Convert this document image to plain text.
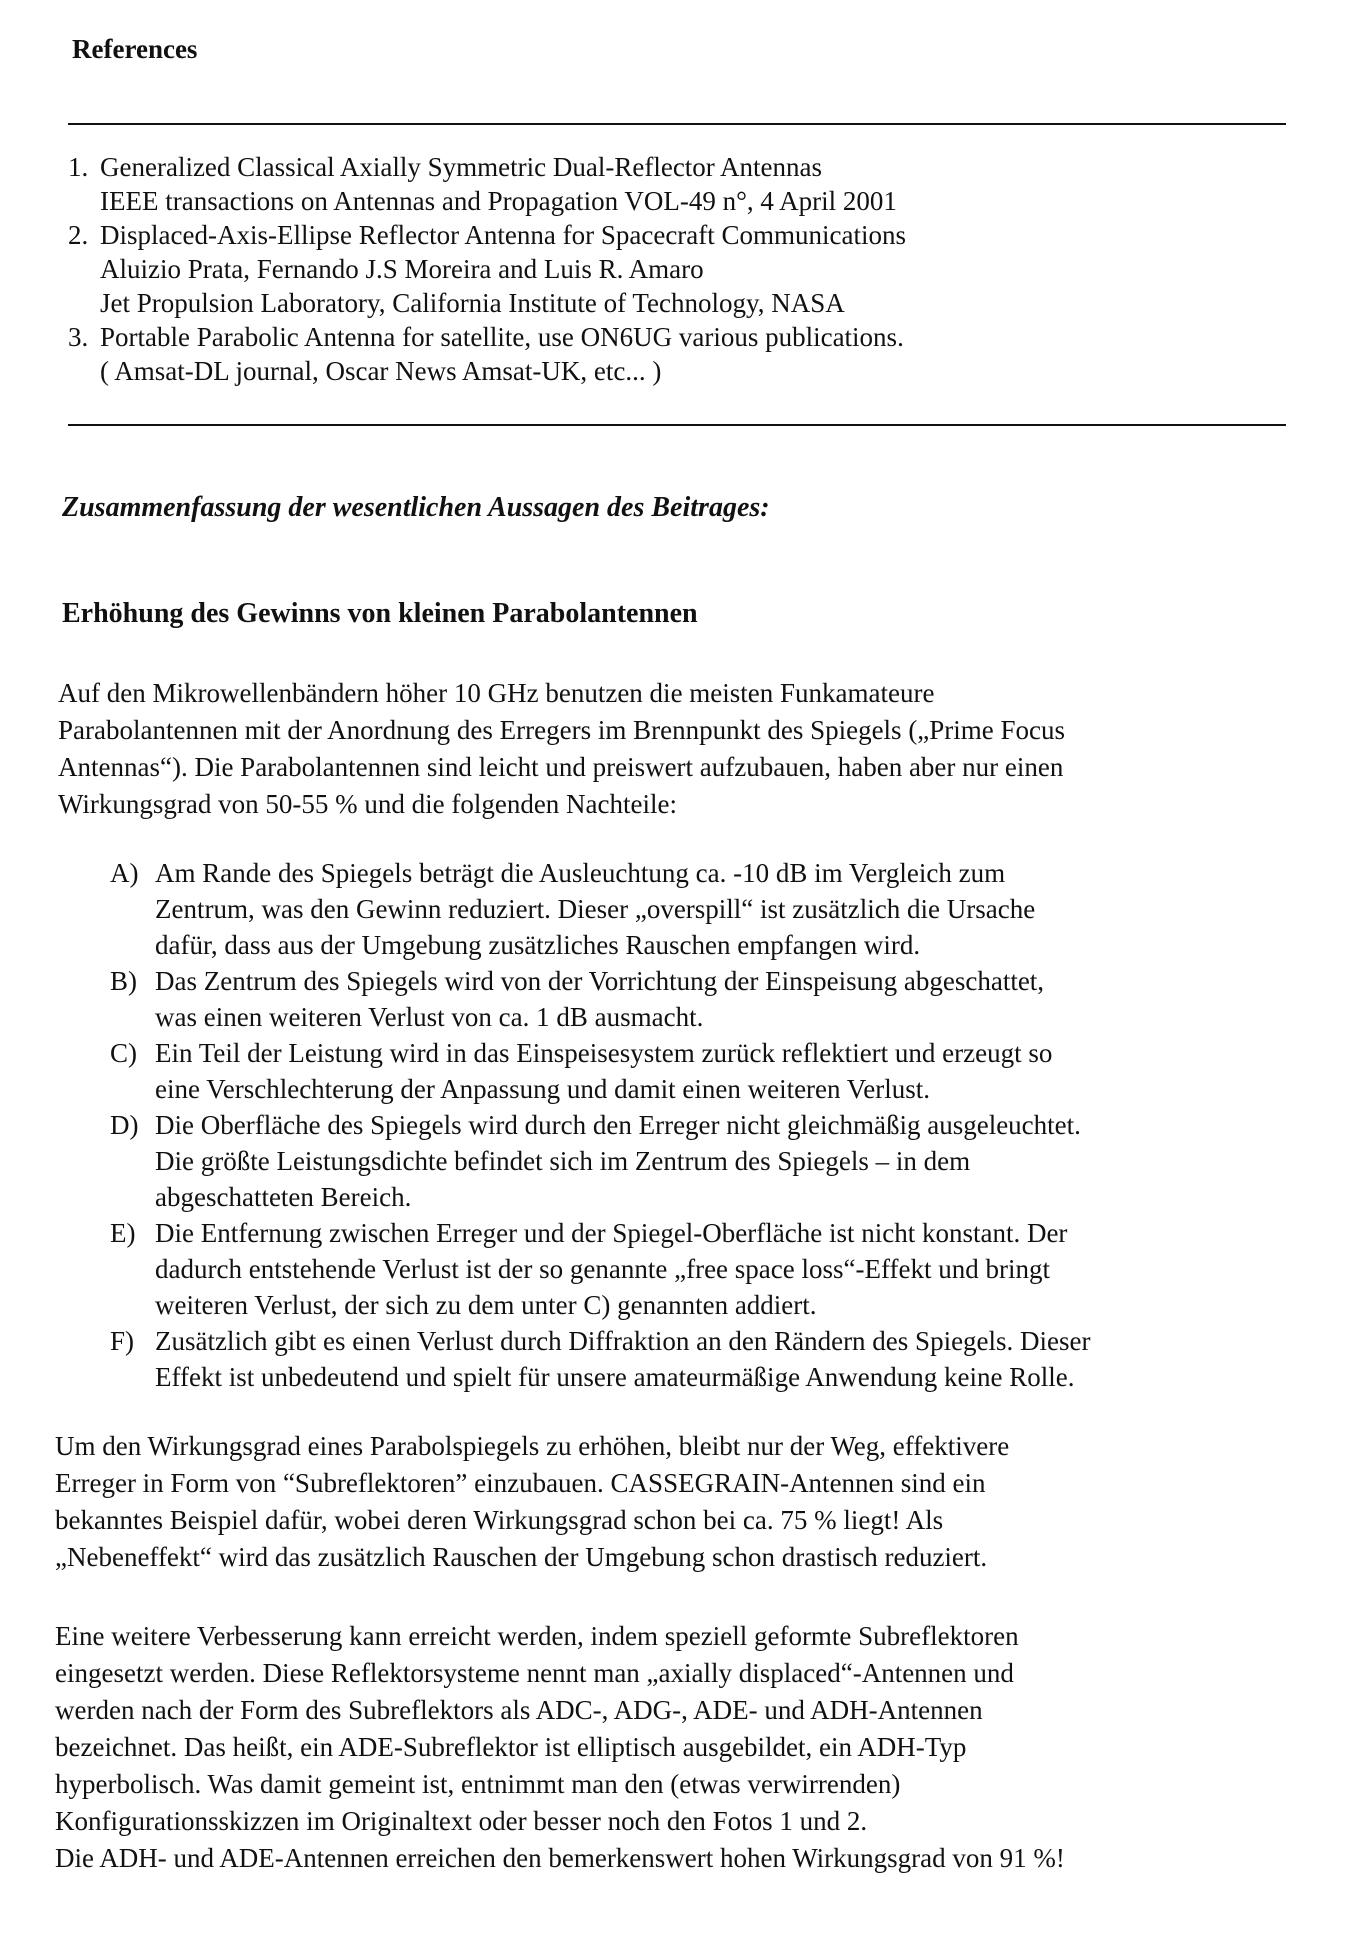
References
1. Generalized Classical Axially Symmetric Dual-Reflector Antennas
IEEE transactions on Antennas and Propagation VOL-49 n°, 4 April 2001
2. Displaced-Axis-Ellipse Reflector Antenna for Spacecraft Communications
Aluizio Prata, Fernando J.S Moreira and Luis R. Amaro
Jet Propulsion Laboratory, California Institute of Technology, NASA
3. Portable Parabolic Antenna for satellite, use ON6UG various publications.
( Amsat-DL journal, Oscar News Amsat-UK, etc... )
Zusammenfassung der wesentlichen Aussagen des Beitrages:
Erhöhung des Gewinns von kleinen Parabolantennen
Auf den Mikrowellenbändern höher 10 GHz benutzen die meisten Funkamateure
Parabolantennen mit der Anordnung des Erregers im Brennpunkt des Spiegels („Prime Focus
Antennas“). Die Parabolantennen sind leicht und preiswert aufzubauen, haben aber nur einen
Wirkungsgrad von 50-55 % und die folgenden Nachteile:
A) Am Rande des Spiegels beträgt die Ausleuchtung ca. -10 dB im Vergleich zum
Zentrum, was den Gewinn reduziert. Dieser „overspill“ ist zusätzlich die Ursache
dafür, dass aus der Umgebung zusätzliches Rauschen empfangen wird.
B) Das Zentrum des Spiegels wird von der Vorrichtung der Einspeisung abgeschattet,
was einen weiteren Verlust von ca. 1 dB ausmacht.
C) Ein Teil der Leistung wird in das Einspeisesystem zurück reflektiert und erzeugt so
eine Verschlechterung der Anpassung und damit einen weiteren Verlust.
D) Die Oberfläche des Spiegels wird durch den Erreger nicht gleichmäßig ausgeleuchtet.
Die größte Leistungsdichte befindet sich im Zentrum des Spiegels – in dem
abgeschatteten Bereich.
E) Die Entfernung zwischen Erreger und der Spiegel-Oberfläche ist nicht konstant. Der
dadurch entstehende Verlust ist der so genannte „free space loss“-Effekt und bringt
weiteren Verlust, der sich zu dem unter C) genannten addiert.
F) Zusätzlich gibt es einen Verlust durch Diffraktion an den Rändern des Spiegels. Dieser
Effekt ist unbedeutend und spielt für unsere amateurmäßige Anwendung keine Rolle.
Um den Wirkungsgrad eines Parabolspiegels zu erhöhen, bleibt nur der Weg, effektivere
Erreger in Form von “Subreflektoren” einzubauen. CASSEGRAIN-Antennen sind ein
bekanntes Beispiel dafür, wobei deren Wirkungsgrad schon bei ca. 75 % liegt! Als
„Nebeneffekt“ wird das zusätzlich Rauschen der Umgebung schon drastisch reduziert.
Eine weitere Verbesserung kann erreicht werden, indem speziell geformte Subreflektoren
eingesetzt werden. Diese Reflektorsysteme nennt man „axially displaced“-Antennen und
werden nach der Form des Subreflektors als ADC-, ADG-, ADE- und ADH-Antennen
bezeichnet. Das heißt, ein ADE-Subreflektor ist elliptisch ausgebildet, ein ADH-Typ
hyperbolisch. Was damit gemeint ist, entnimmt man den (etwas verwirrenden)
Konfigurationsskizzen im Originaltext oder besser noch den Fotos 1 und 2.
Die ADH- und ADE-Antennen erreichen den bemerkenswert hohen Wirkungsgrad von 91 %!
